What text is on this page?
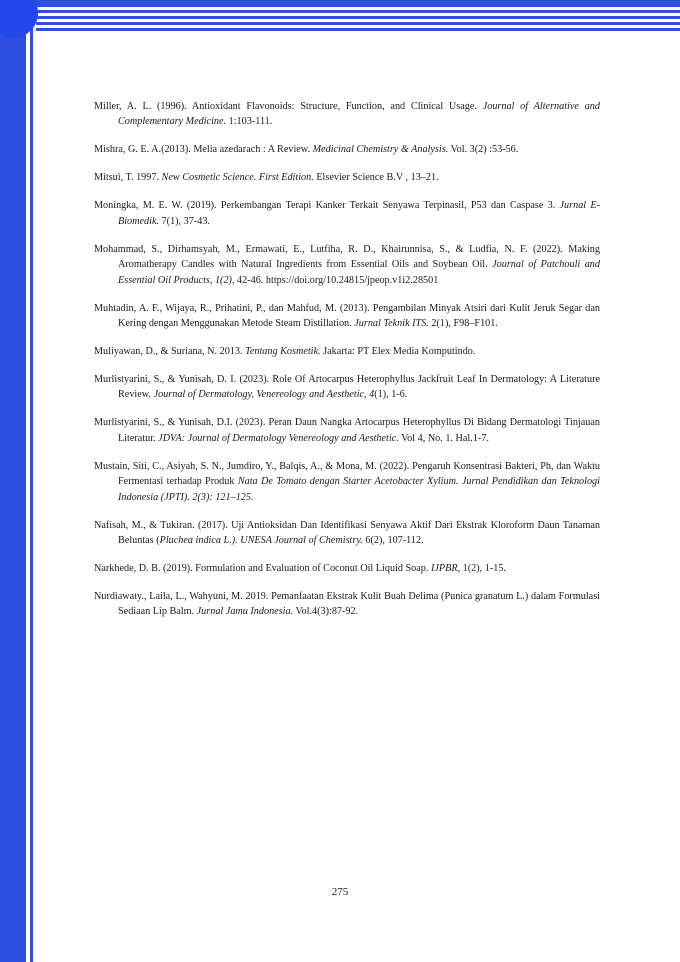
Miller, A. L. (1996). Antioxidant Flavonoids: Structure, Function, and Clinical Usage. Journal of Alternative and Complementary Medicine. 1:103-111.

Mishra, G. E. A.(2013). Melia azedarach : A Review. Medicinal Chemistry & Analysis. Vol. 3(2) :53-56.

Mitsui, T. 1997. New Cosmetic Science. First Edition. Elsevier Science B.V , 13–21.

Moningka, M. E. W. (2019). Perkembangan Terapi Kanker Terkait Senyawa Terpinasil, P53 dan Caspase 3. Jurnal E-Biomedik. 7(1), 37-43.

Mohammad, S., Dirhamsyah, M., Ermawati, E., Lutfiha, R. D., Khairunnisa, S., & Ludfia, N. F. (2022). Making Aromatherapy Candles with Natural Ingredients from Essential Oils and Soybean Oil. Journal of Patchouli and Essential Oil Products, 1(2), 42-46. https://doi.org/10.24815/jpeop.v1i2.28501

Muhtadin, A. F., Wijaya, R., Prihatini, P., dan Mahfud, M. (2013). Pengambilan Minyak Atsiri dari Kulit Jeruk Segar dan Kering dengan Menggunakan Metode Steam Distillation. Jurnal Teknik ITS. 2(1), F98–F101.

Muliyawan, D., & Suriana, N. 2013. Tentang Kosmetik. Jakarta: PT Elex Media Komputindo.

Murlistyarini, S., & Yunisah, D. I. (2023). Role Of Artocarpus Heterophyllus Jackfruit Leaf In Dermatology: A Literature Review. Journal of Dermatology, Venereology and Aesthetic, 4(1), 1-6.

Murlistyarini, S., & Yunisah, D.I. (2023). Peran Daun Nangka Artocarpus Heterophyllus Di Bidang Dermatologi Tinjauan Literatur. JDVA: Journal of Dermatology Venereology and Aesthetic. Vol 4, No. 1. Hal.1-7.

Mustain, Siti, C., Asiyah, S. N., Jumdiro, Y., Balqis, A., & Mona, M. (2022). Pengaruh Konsentrasi Bakteri, Ph, dan Waktu Fermentasi terhadap Produk Nata De Tomato dengan Starter Acetobacter Xylium. Jurnal Pendidikan dan Teknologi Indonesia (JPTI). 2(3): 121–125.

Nafisah, M., & Tukiran. (2017). Uji Antioksidan Dan Identifikasi Senyawa Aktif Dari Ekstrak Kloroform Daun Tanaman Beluntas (Pluchea indica L.). UNESA Journal of Chemistry. 6(2), 107-112.

Narkhede, D. B. (2019). Formulation and Evaluation of Coconut Oil Liquid Soap. IJPBR, 1(2), 1-15.

Nurdiawaty., Laila, L., Wahyuni, M. 2019. Pemanfaatan Ekstrak Kulit Buah Delima (Punica granatum L.) dalam Formulasi Sediaan Lip Balm. Jurnal Jamu Indonesia. Vol.4(3):87-92.

275
